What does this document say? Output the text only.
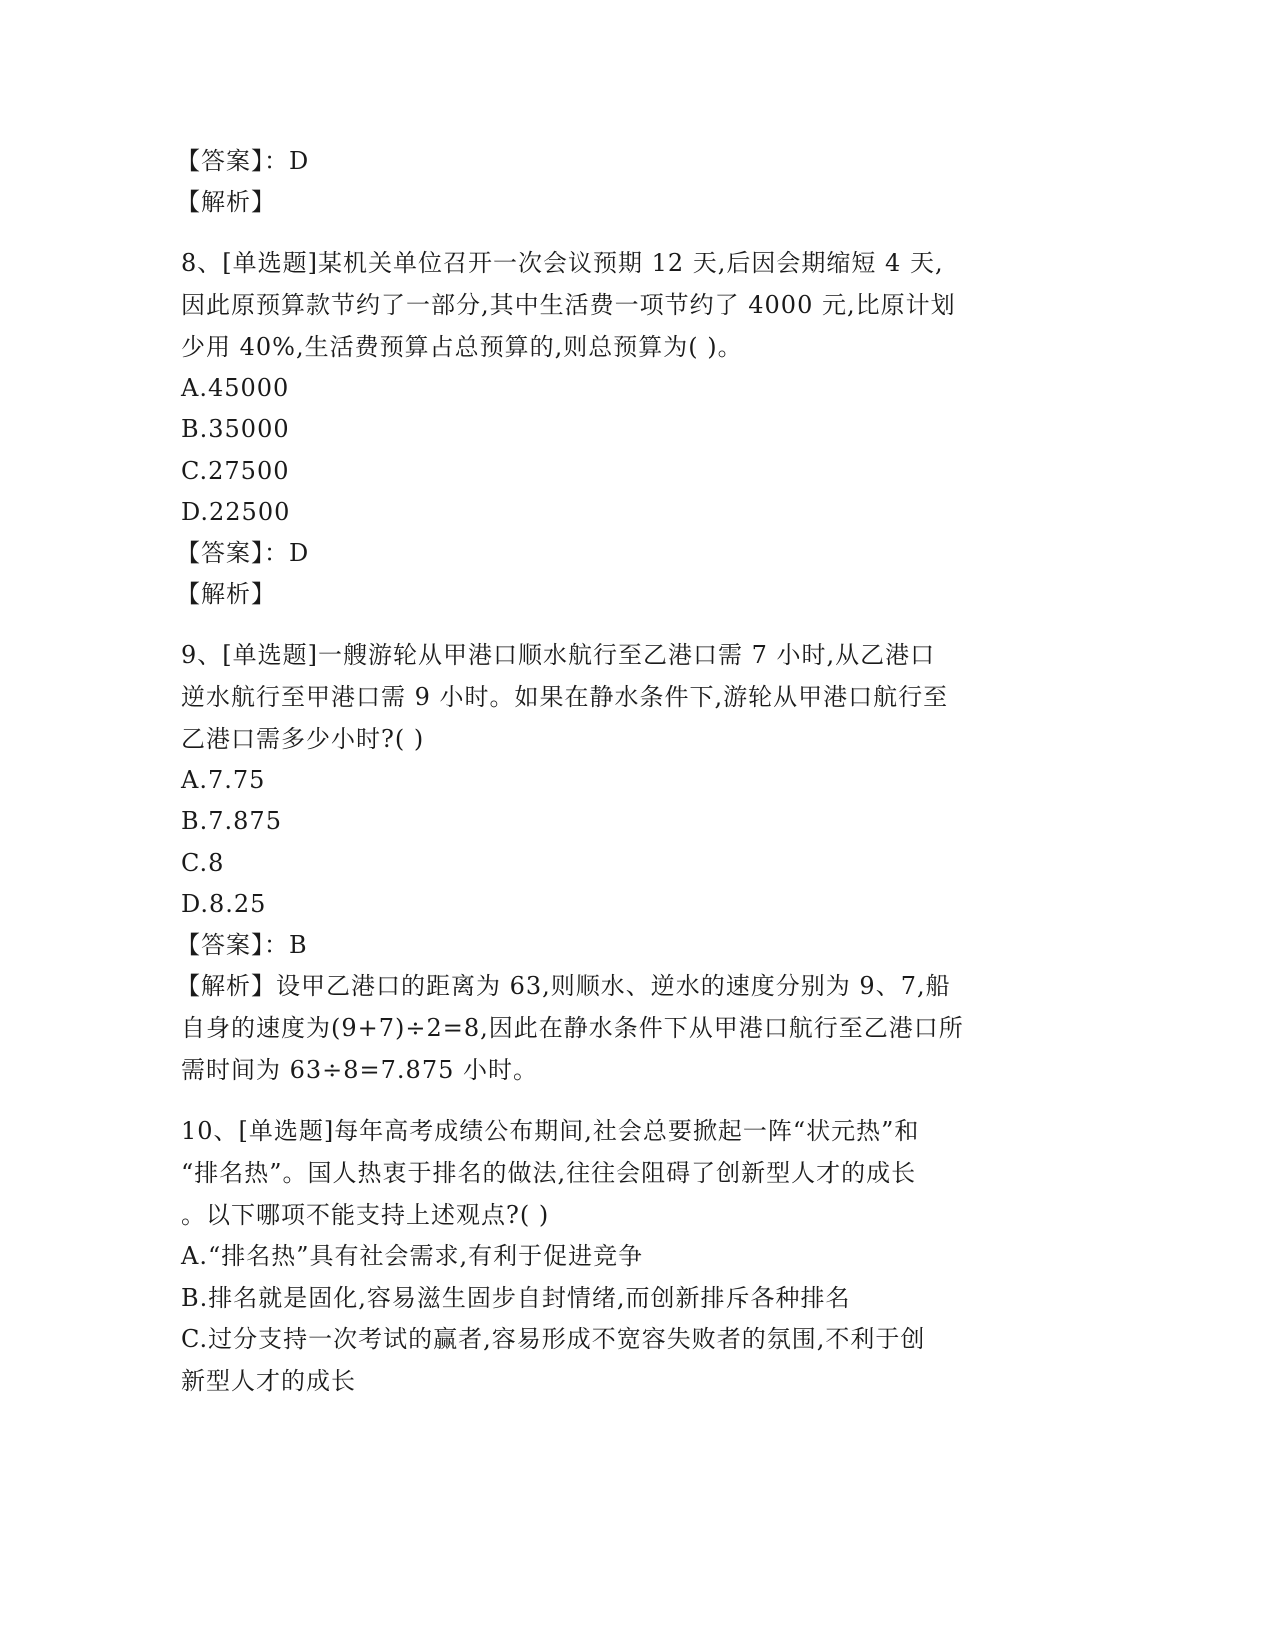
【答案】：D
【解析】
8、[单选题]某机关单位召开一次会议预期 12 天,后因会期缩短 4 天,
因此原预算款节约了一部分,其中生活费一项节约了 4000 元,比原计划
少用 40%,生活费预算占总预算的,则总预算为( )。
A.45000
B.35000
C.27500
D.22500
【答案】：D
【解析】
9、[单选题]一艘游轮从甲港口顺水航行至乙港口需 7 小时,从乙港口
逆水航行至甲港口需 9 小时。如果在静水条件下,游轮从甲港口航行至
乙港口需多少小时?( )
A.7.75
B.7.875
C.8
D.8.25
【答案】：B
【解析】设甲乙港口的距离为 63,则顺水、逆水的速度分别为 9、7,船
自身的速度为(9+7)÷2=8,因此在静水条件下从甲港口航行至乙港口所
需时间为 63÷8=7.875 小时。
10、[单选题]每年高考成绩公布期间,社会总要掀起一阵“状元热”和
“排名热”。国人热衷于排名的做法,往往会阻碍了创新型人才的成长
。以下哪项不能支持上述观点?( )
A.“排名热”具有社会需求,有利于促进竞争
B.排名就是固化,容易滋生固步自封情绪,而创新排斥各种排名
C.过分支持一次考试的赢者,容易形成不宽容失败者的氛围,不利于创
新型人才的成长
